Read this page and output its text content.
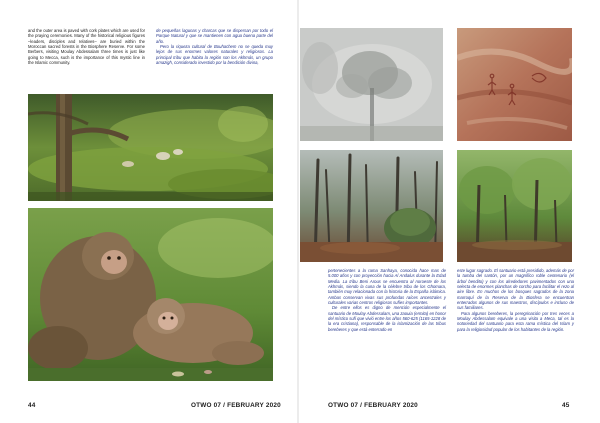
and the outer area is paved with cork plates which are used for the praying ceremonies. Many of the historical religious figures –leaders, disciples and relatives– are buried within the Moroccan sacred forests in the Biosphere Reserve. For some Berbers, visiting Moulay Abdessalam three times is just like going to Mecca, such is the importance of this mystic line in the Islamic community.

de pequeñas lagunas y charcas que se dispersan por todo el Parque Natural y que se mantienen con agua buena parte del año.

Pero la riqueza cultural de Bouhachem no se queda muy lejos de sus enormes valores naturales y religiosos. La principal tribu que habita la región son los Akhmás, un grupo amazigh, considerado investido por la bendición divina,

44	OTWO 07 / FEBRUARY 2020

pertenecientes a la rama Sanhaya, conocida hace mas de 5.000 años y con proyección hacia Al Andalus durante la Edad Media. La tribu Beni Arous se encuentra al noroeste de los Akhmás, siendo la cuna de la célebre tribu de los Ghomara, también muy relacionada con la historia de la España islámica. Ambas conservan vivas sus profundas raíces ancestrales y culturales varias centros religiosos sufíes importantes.

De entre ellos es digno de mención especialmente el santuario de Moulay Abdessalam, una zaouia (ermita) en honor del místico sufí que vivió entre los años 560-625 (1165-1228 de la era cristiana), responsable de la islamización de las tribus bereberes y que está enterrado en

este lugar sagrado. El santuario está presidido, además de por la tumba del santón, por un magnífico roble centenario (el árbol bendito) y con los alrededores pavimentados con una selecta de enormes planchas de corcho para facilitar el rezo al aire libre. En muchos de los bosques sagrados de la zona marroquí de la Reserva de la Biosfera se encuentran enterrados algunos de sus maestros, discípulos e incluso de sus familiares.

Para algunos bereberes, la peregrinación por tres veces a Moulay Abdessalam equivale a una visita a Meca, tal es la notoriedad del santuario para esta rama mística del Islam y para la religiosidad popular de los habitantes de la región.

OTWO 07 / FEBRUARY 2020	45
